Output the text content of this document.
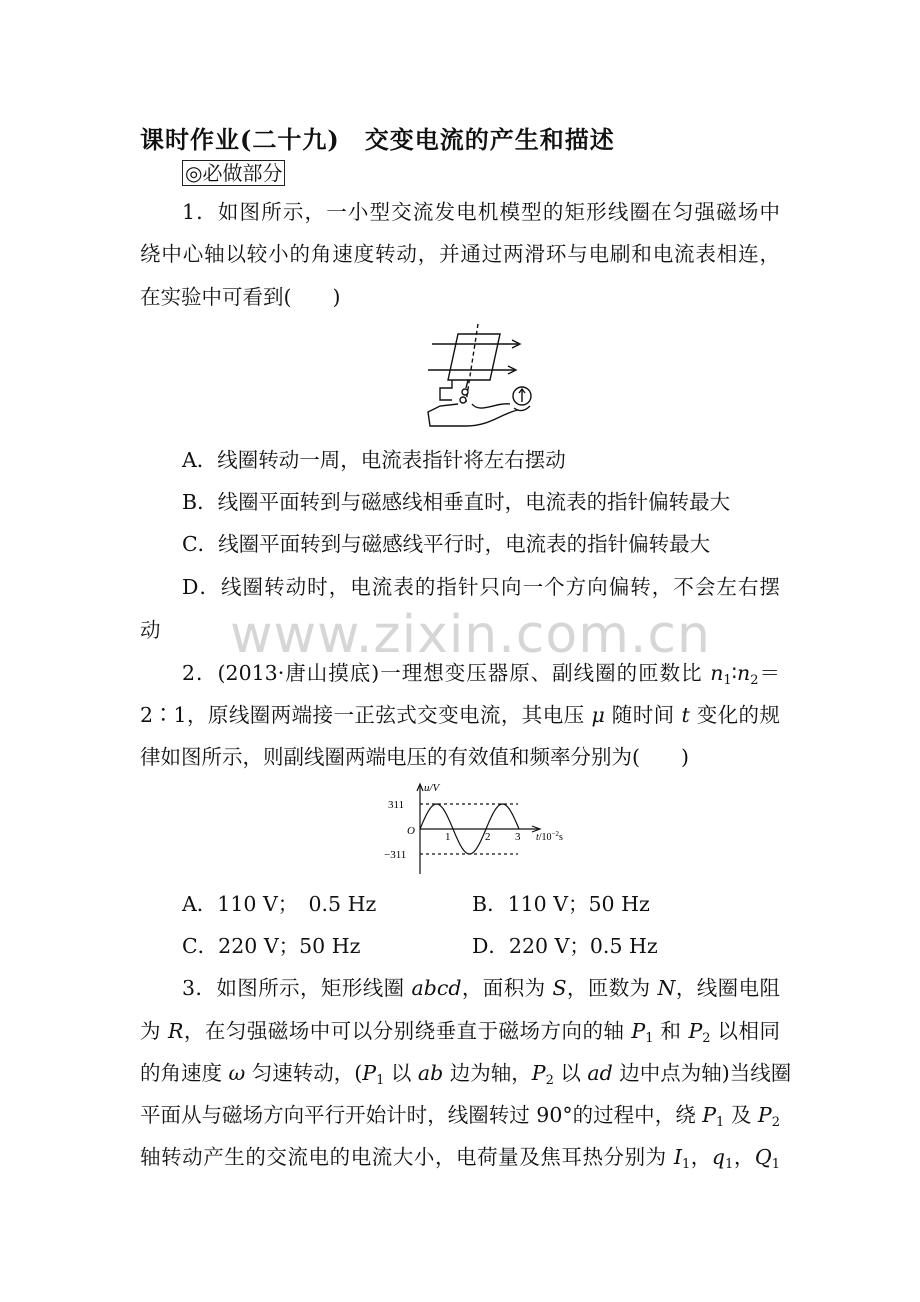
课时作业(二十九)　交变电流的产生和描述
◎必做部分
1．如图所示，一小型交流发电机模型的矩形线圈在匀强磁场中
绕中心轴以较小的角速度转动，并通过两滑环与电刷和电流表相连，
在实验中可看到(　　)
A．线圈转动一周，电流表指针将左右摆动
B．线圈平面转到与磁感线相垂直时，电流表的指针偏转最大
C．线圈平面转到与磁感线平行时，电流表的指针偏转最大
D．线圈转动时，电流表的指针只向一个方向偏转，不会左右摆
动	www.zixin.com.cn
2．(2013·唐山摸底)一理想变压器原、副线圈的匝数比 $n_1∶n_2=$
2∶1，原线圈两端接一正弦式交变电流，其电压 μ 随时间 t 变化的规
律如图所示，则副线圈两端电压的有效值和频率分别为(　　)
u/V
311
−311
O	1	2 3 $t/10^{-2}s$
A．110 V；　0.5 Hz	B．110 V；50 Hz
C．220 V；50 Hz	D．220 V；0.5 Hz
3．如图所示，矩形线圈 abcd，面积为 S，匝数为 N，线圈电阻
为 R，在匀强磁场中可以分别绕垂直于磁场方向的轴 $P_1$ 和 $P_2$ 以相同
的角速度 ω 匀速转动，($P_1$ 以 ab 边为轴，$P_2$ 以 ad 边中点为轴)当线圈
平面从与磁场方向平行开始计时，线圈转过 90°的过程中，绕 $P_1$ 及 $P_2$
轴转动产生的交流电的电流大小，电荷量及焦耳热分别为 $I_1$，$q_1$，$Q_1$
